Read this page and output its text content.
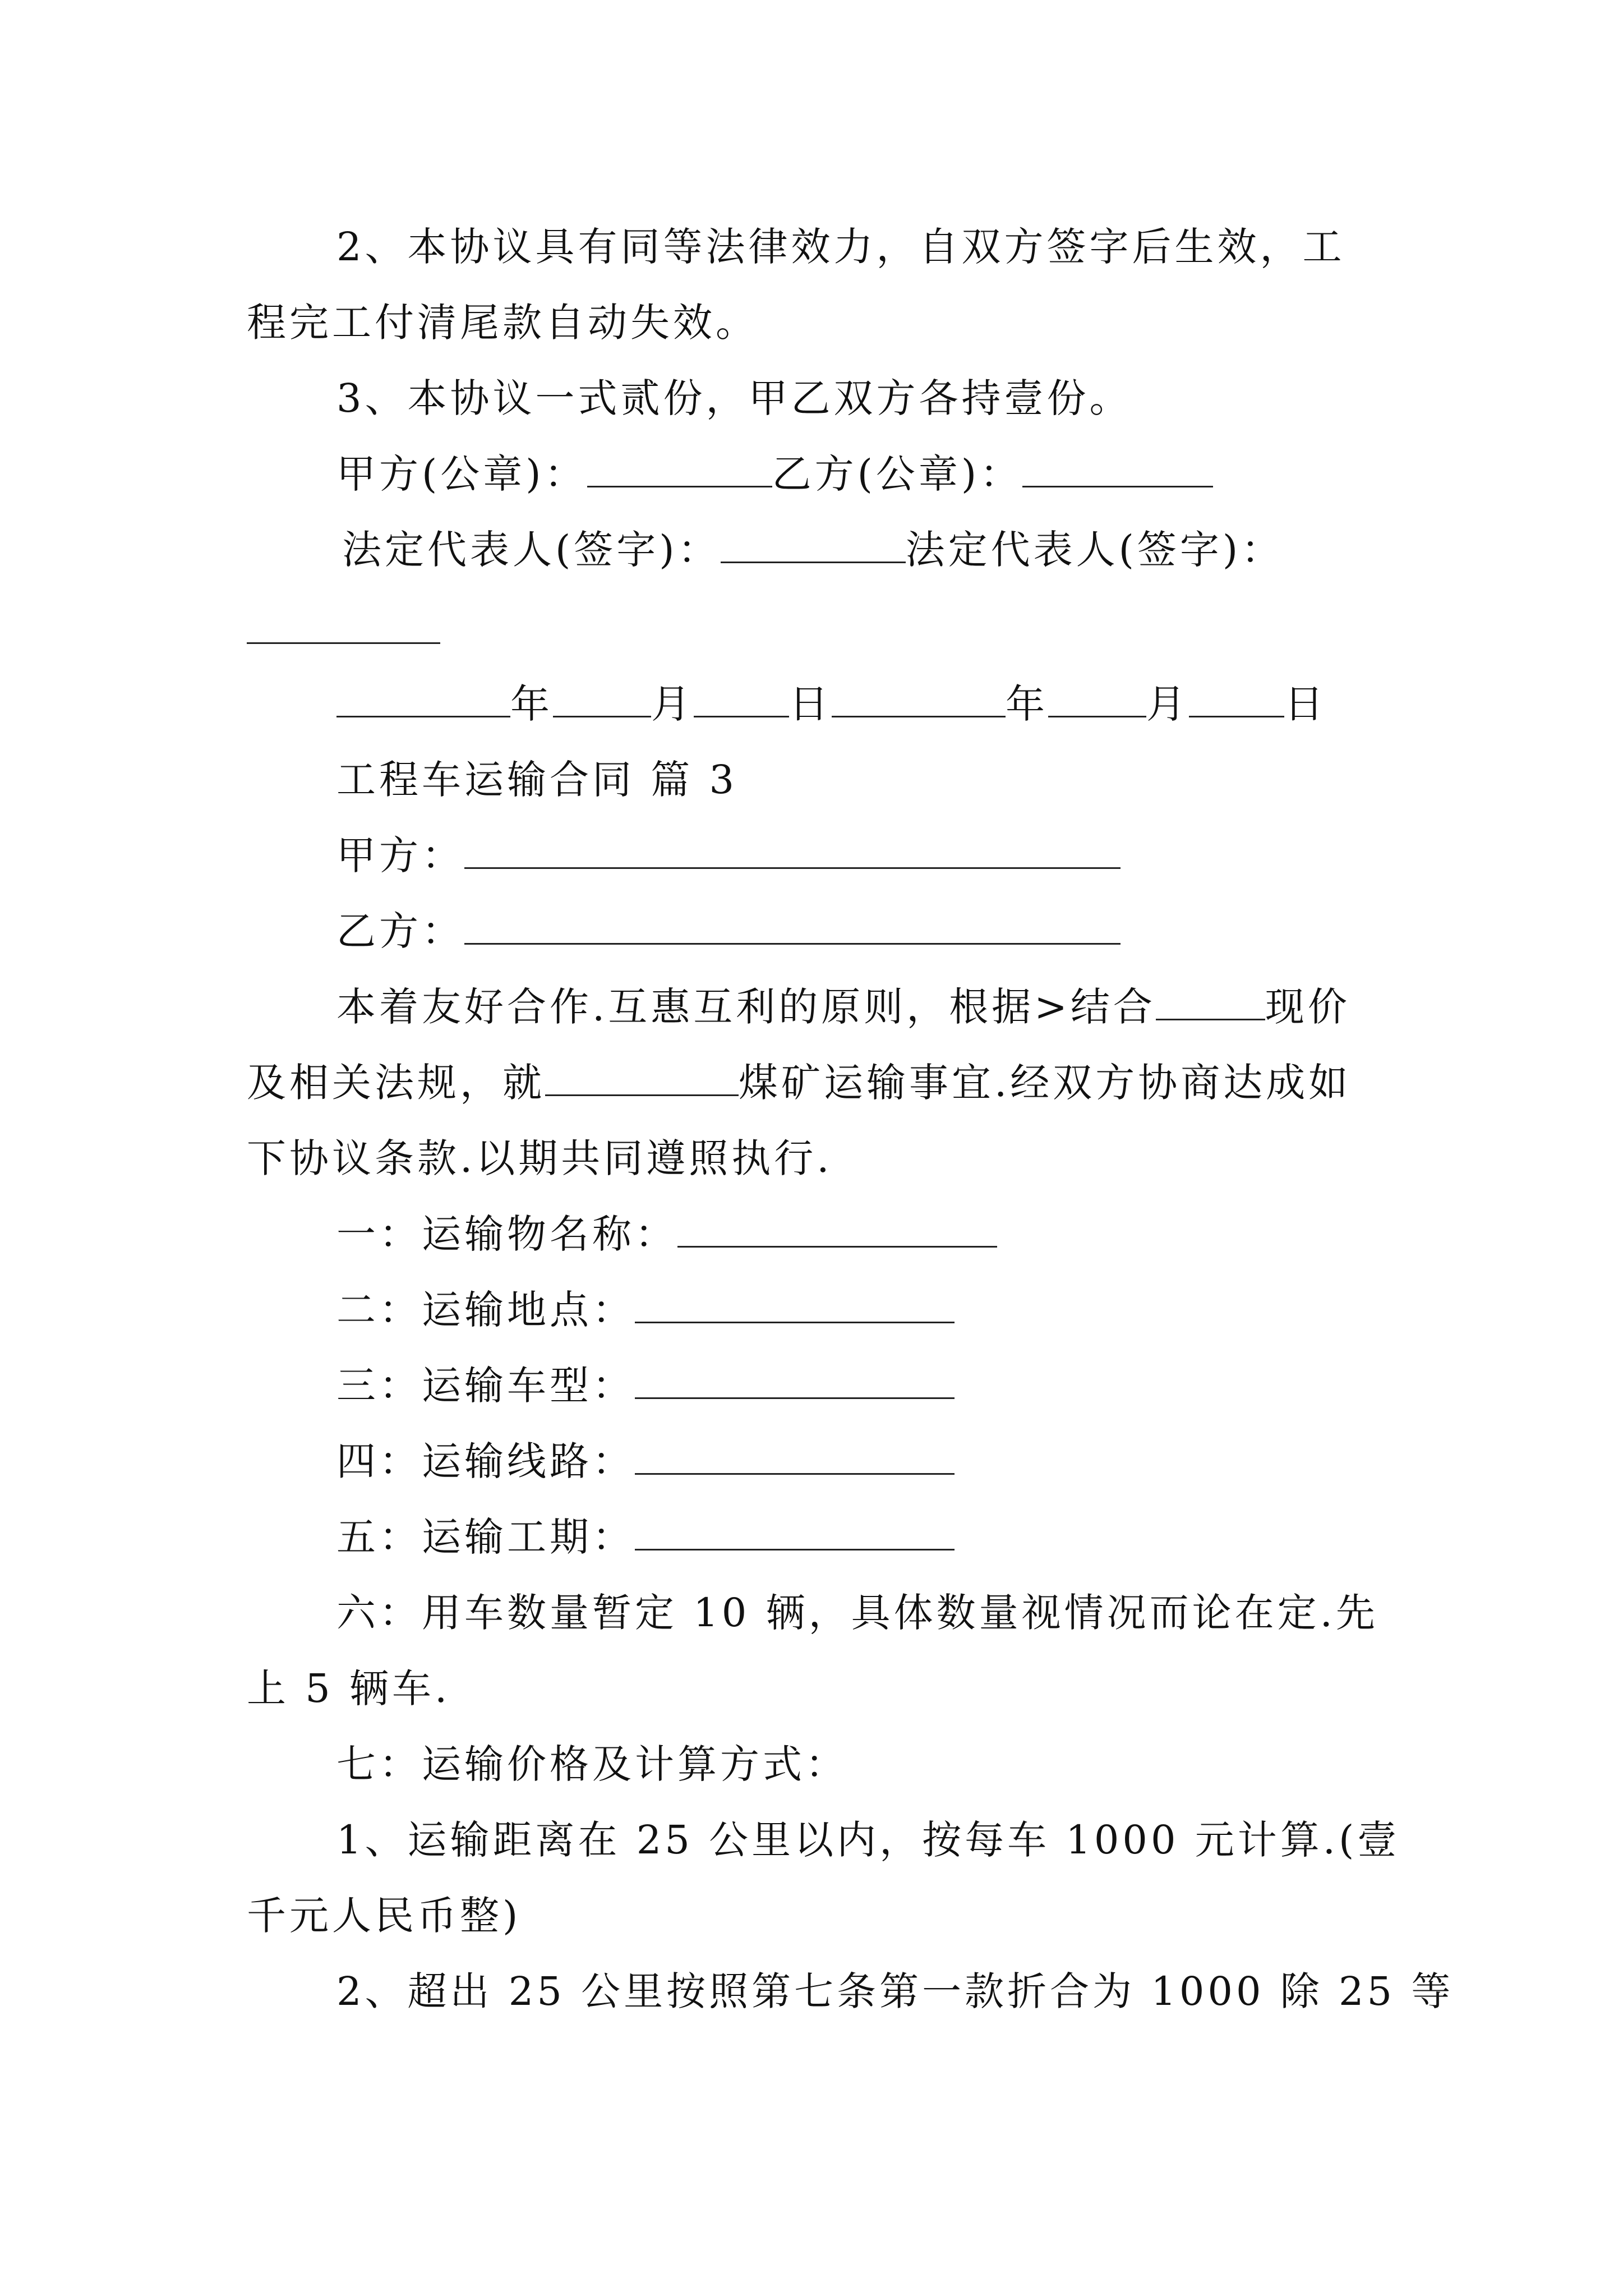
2、本协议具有同等法律效力，自双方签字后生效，工
程完工付清尾款自动失效。
3、本协议一式贰份，甲乙双方各持壹份。
甲方(公章)：	乙方(公章)：
法定代表人(签字)：	法定代表人(签字)：
年	月 日	年	月 日
工程车运输合同 篇 3
甲方：
乙方：
本着友好合作.互惠互利的原则，根据>结合	现价
及相关法规，就	煤矿运输事宜.经双方协商达成如
下协议条款.以期共同遵照执行.
一：运输物名称：
二：运输地点：
三：运输车型：
四：运输线路：
五：运输工期：
六：用车数量暂定 10 辆，具体数量视情况而论在定.先
上 5 辆车.
七：运输价格及计算方式：
1、运输距离在 25 公里以内，按每车 1000 元计算.(壹
千元人民币整)
2、超出 25 公里按照第七条第一款折合为 1000 除 25 等
